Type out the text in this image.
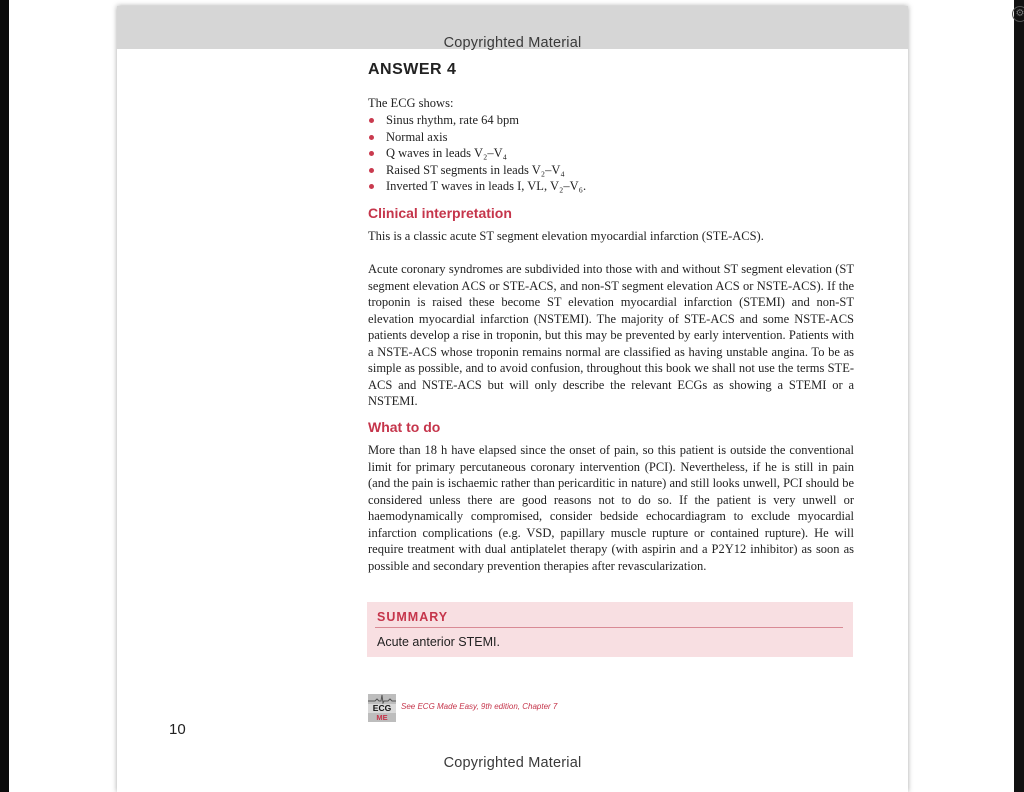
⚙
Copyrighted Material
ANSWER 4
The ECG shows:
Sinus rhythm, rate 64 bpm
Normal axis
Q waves in leads V₂–V₄
Raised ST segments in leads V₂–V₄
Inverted T waves in leads I, VL, V₂–V₆.
Clinical interpretation

This is a classic acute ST segment elevation myocardial infarction (STE-ACS).

Acute coronary syndromes are subdivided into those with and without ST segment elevation (ST segment elevation ACS or STE-ACS, and non-ST segment elevation ACS or NSTE-ACS). If the troponin is raised these become ST elevation myocardial infarction (STEMI) and non-ST elevation myocardial infarction (NSTEMI). The majority of STE-ACS and some NSTE-ACS patients develop a rise in troponin, but this may be prevented by early intervention. Patients with a NSTE-ACS whose troponin remains normal are classified as having unstable angina. To be as simple as possible, and to avoid confusion, throughout this book we shall not use the terms STE-ACS and NSTE-ACS but will only describe the relevant ECGs as showing a STEMI or a NSTEMI.

What to do

More than 18 h have elapsed since the onset of pain, so this patient is outside the conventional limit for primary percutaneous coronary intervention (PCI). Nevertheless, if he is still in pain (and the pain is ischaemic rather than pericarditic in nature) and still looks unwell, PCI should be considered unless there are good reasons not to do so. If the patient is very unwell or haemodynamically compromised, consider bedside echocardiagram to exclude myocardial infarction complications (e.g. VSD, papillary muscle rupture or contained rupture). He will require treatment with dual antiplatelet therapy (with aspirin and a P2Y12 inhibitor) as soon as possible and secondary prevention therapies after revascularization.

SUMMARY
Acute anterior STEMI.
ECG
ME
See ECG Made Easy, 9th edition, Chapter 7
10
Copyrighted Material
